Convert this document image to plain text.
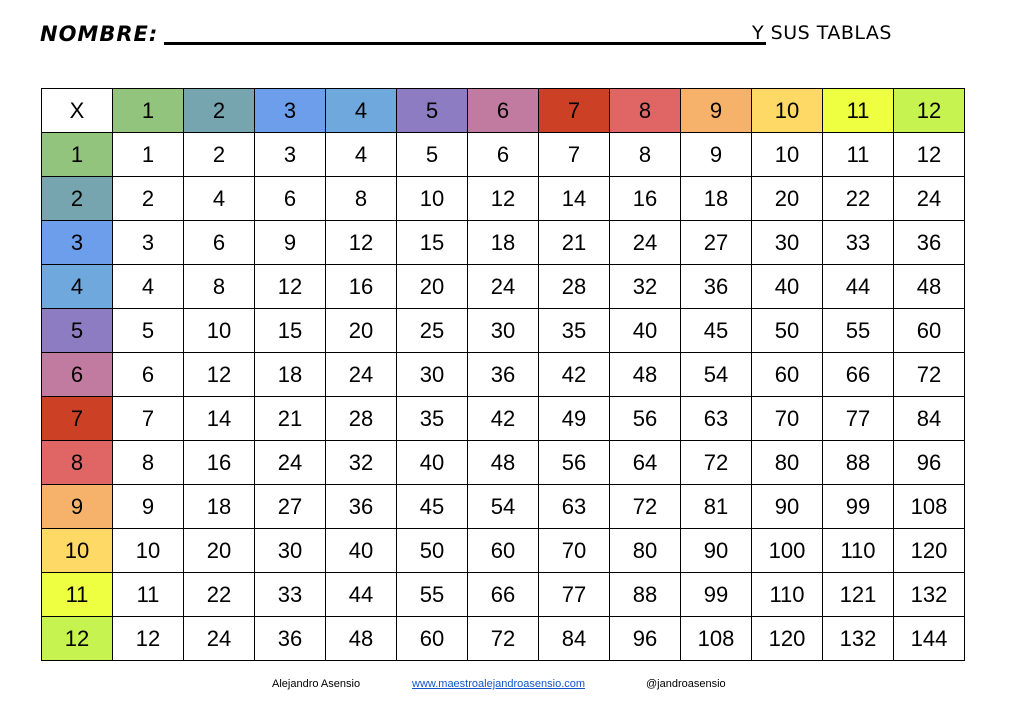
NOMBRE:	Y SUS TABLAS
X	1	2	3	4	5	6	7	8	9	10	11	12
1	1	2	3	4	5	6	7	8	9	10	11	12
2	2	4	6	8	10	12	14	16	18	20	22	24
3	3	6	9	12	15	18	21	24	27	30	33	36
4	4	8	12	16	20	24	28	32	36	40	44	48
5	5	10	15	20	25	30	35	40	45	50	55	60
6	6	12	18	24	30	36	42	48	54	60	66	72
7	7	14	21	28	35	42	49	56	63	70	77	84
8	8	16	24	32	40	48	56	64	72	80	88	96
9	9	18	27	36	45	54	63	72	81	90	99	108
10	10	20	30	40	50	60	70	80	90	100	110	120
11	11	22	33	44	55	66	77	88	99	110	121	132
12	12	24	36	48	60	72	84	96	108	120	132	144
Alejandro Asensio	www.maestroalejandroasensio.com	@jandroasensio
